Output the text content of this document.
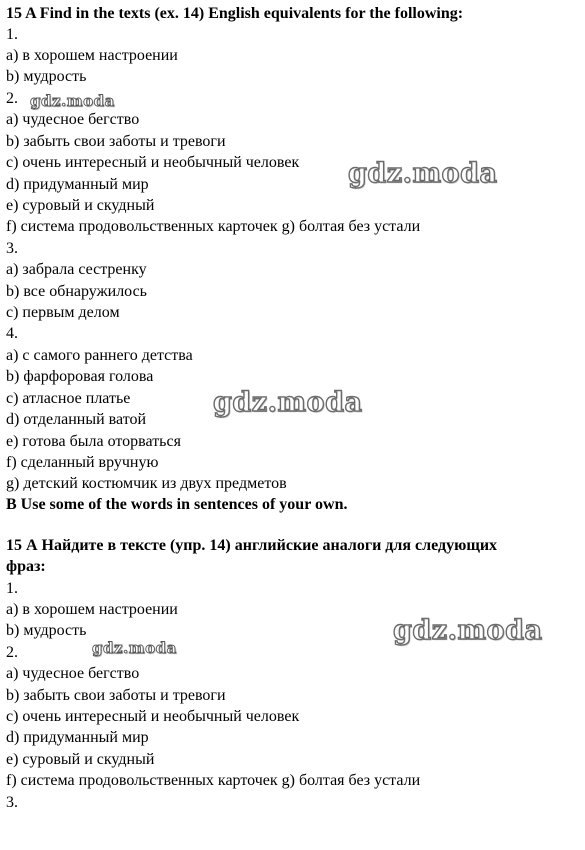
15 A Find in the texts (ex. 14) English equivalents for the following:
1.
a) в хорошем настроении
b) мудрость
2.
а) чудесное бегство
b) забыть свои заботы и тревоги
с) очень интересный и необычный человек
d) придуманный мир
е) суровый и скудный
f) система продовольственных карточек g) болтая без устали
3.
а) забрала сестренку
b) все обнаружилось
с) первым делом
4.
а) с самого раннего детства
b) фарфоровая голова
с) атласное платье
d) отделанный ватой
е) готова была оторваться
f) сделанный вручную
g) детский костюмчик из двух предметов
B Use some of the words in sentences of your own.
15 А Найдите в тексте (упр. 14) английские аналоги для следующих
фраз:
1.
а) в хорошем настроении
b) мудрость
2.
а) чудесное бегство
b) забыть свои заботы и тревоги
с) очень интересный и необычный человек
d) придуманный мир
е) суровый и скудный
f) система продовольственных карточек g) болтая без устали
3.
gdz.moda
gdz.moda
gdz.moda
gdz.moda
gdz.moda
